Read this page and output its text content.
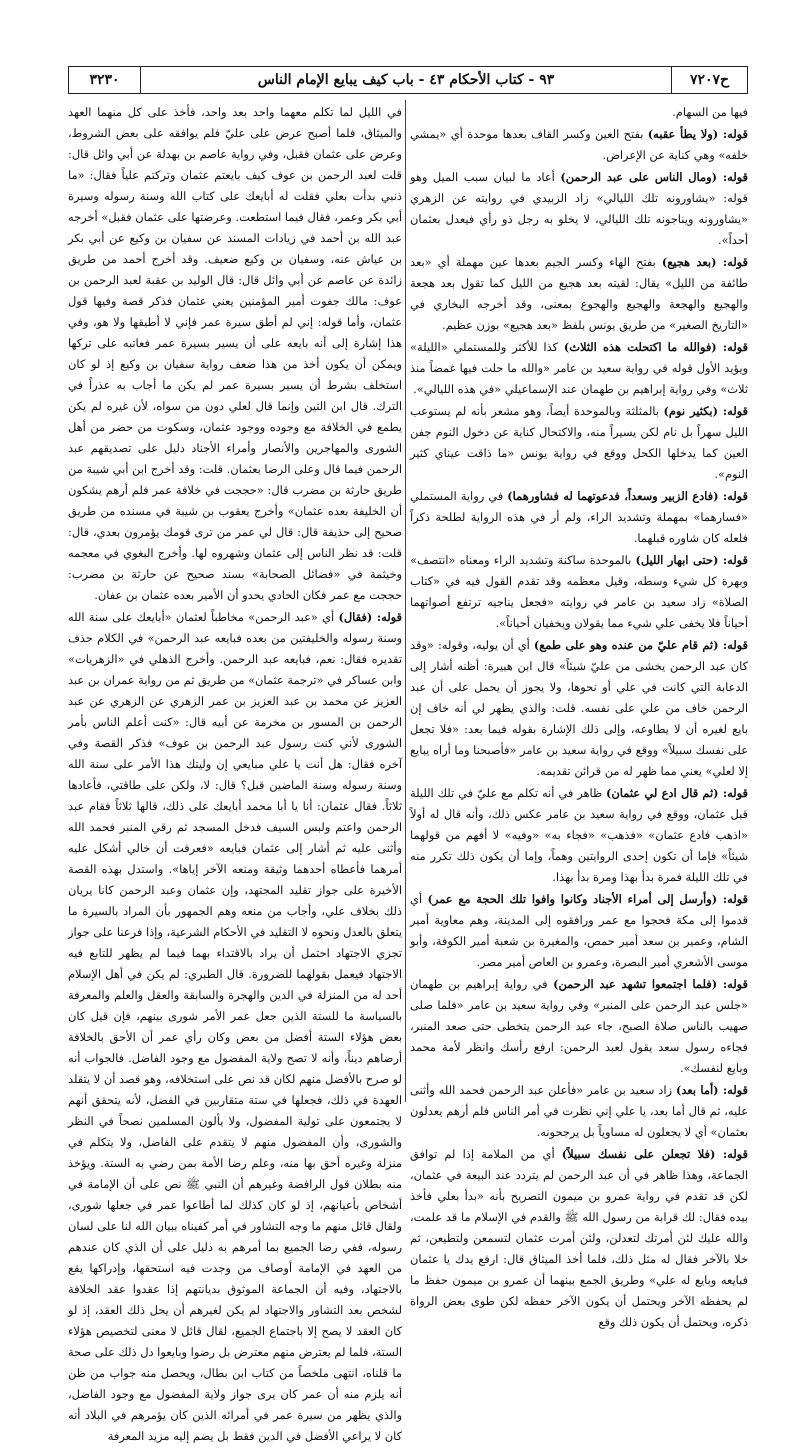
٣٢٣٠	٩٣ - كتاب الأحكام ٤٣ - باب كيف يبايع الإمام الناس	ح٧٢٠٧

فيها من السهام.

قوله: (ولا يطأ عقبه) بفتح العين وكسر القاف بعدها موحدة أي «يمشي خلفه» وهي كناية عن الإعراض.

قوله: (ومال الناس على عبد الرحمن) أعاد ما لبيان سبب الميل وهو قوله: «يشاورونه تلك الليالي» زاد الزبيدي في روايته عن الزهري «يشاورونه ويناجونه تلك الليالي، لا يخلو به رجل ذو رأي فيعدل بعثمان أحداً».

قوله: (بعد هجيع) بفتح الهاء وكسر الجيم بعدها عين مهملة أي «بعد طائفة من الليل» يقال: لقيته بعد هجيع من الليل كما تقول بعد هجعة والهجيع والهجعة والهجيع والهجوع بمعنى، وقد أخرجه البخاري في «التاريخ الصغير» من طريق يونس بلفظ «بعد هجيع» بوزن عظيم.

قوله: (فوالله ما اكتحلت هذه الثلاث) كذا للأكثر وللمستملي «الليلة» ويؤيد الأول قوله في رواية سعيد بن عامر «والله ما حلت فيها غمضاً منذ ثلاث» وفي رواية إبراهيم بن طهمان عند الإسماعيلي «في هذه الليالي».

قوله: (بكثير نوم) بالمثلثة وبالموحدة أيضاً، وهو مشعر بأنه لم يستوعب الليل سهراً بل نام لكن يسيراً منه، والاكتحال كناية عن دخول النوم جفن العين كما يدخلها الكحل ووقع في رواية يونس «ما ذاقت عيناي كثير النوم».

قوله: (فادع الزبير وسعداً، فدعوتهما له فشاورهما) في رواية المستملي «فسارهما» بمهملة وتشديد الراء، ولم أر في هذه الرواية لطلحة ذكراً فلعله كان شاوره قبلهما.

قوله: (حتى ابهار الليل) بالموحدة ساكنة وتشديد الراء ومعناه «انتصف» وبهرة كل شيء وسطه، وقيل معظمه وقد تقدم القول فيه في «كتاب الصلاة» زاد سعيد بن عامر في روايته «فجعل يناجيه ترتفع أصواتهما أحياناً فلا يخفى علي شيء مما يقولان ويخفيان أحياناً».

قوله: (ثم قام عليّ من عنده وهو على طمع) أي أن يوليه، وقوله: «وقد كان عبد الرحمن يخشى من عليّ شيئاً» قال ابن هبيرة: أظنه أشار إلى الدعابة التي كانت في علي أو نحوها، ولا يجوز أن يحمل على أن عبد الرحمن خاف من علي على نفسه. قلت: والذي يظهر لي أنه خاف إن بايع لغيره أن لا يطاوعه، وإلى ذلك الإشارة بقوله فيما بعد: «فلا تجعل على نفسك سبيلاً» ووقع في رواية سعيد بن عامر «فأصبحنا وما أراه يبايع إلا لعلي» يعني مما ظهر له من قرائن تقديمه.

قوله: (ثم قال ادع لي عثمان) ظاهر في أنه تكلم مع عليّ في تلك الليلة قبل عثمان، ووقع في رواية سعيد بن عامر عكس ذلك، وأنه قال له أولاً «اذهب فادع عثمان» «فذهب» «فجاء به» «وفيه» لا أفهم من قولهما شيئاً» فإما أن تكون إحدى الروايتين وهماً، وإما أن يكون ذلك تكرر منه في تلك الليلة فمرة بدأ بهذا ومرة بدأ بهذا.

قوله: (وأرسل إلى أمراء الأجناد وكانوا وافوا تلك الحجة مع عمر) أي قدموا إلى مكة فحجوا مع عمر ورافقوه إلى المدينة، وهم معاوية أمير الشام، وعمير بن سعد أمير حمص، والمغيرة بن شعبة أمير الكوفة، وأبو موسى الأشعري أمير البصرة، وعمرو بن العاص أمير مصر.

قوله: (فلما اجتمعوا تشهد عبد الرحمن) في رواية إبراهيم بن طهمان «جلس عبد الرحمن على المنبر» وفي رواية سعيد بن عامر «فلما صلى صهيب بالناس صلاة الصبح، جاء عبد الرحمن يتخطى حتى صعد المنبر، فجاءه رسول سعد يقول لعبد الرحمن: ارفع رأسك وانظر لأمة محمد وبايع لنفسك».

قوله: (أما بعد) زاد سعيد بن عامر «فأعلن عبد الرحمن فحمد الله وأثنى عليه، ثم قال أما بعد، يا علي إني نظرت في أمر الناس فلم أرهم يعدلون بعثمان» أي لا يجعلون له مساوياً بل يرجحونه.

قوله: (فلا تجعلن على نفسك سبيلاً) أي من الملامة إذا لم توافق الجماعة، وهذا ظاهر في أن عبد الرحمن لم يتردد عند البيعة في عثمان، لكن قد تقدم في رواية عمرو بن ميمون التصريح بأنه «بدأ بعلي فأخذ بيده فقال: لك قرابة من رسول الله ﷺ والقدم في الإسلام ما قد علمت، والله عليك لئن أمرتك لتعدلن، ولئن أمرت عثمان لتسمعن ولتطيعن، ثم خلا بالآخر فقال له مثل ذلك، فلما أخذ الميثاق قال: ارفع يدك يا عثمان فبايعه وبايع له علي» وطريق الجمع بينهما أن عمرو بن ميمون حفظ ما لم يحفظه الآخر ويحتمل أن يكون الآخر حفظه لكن طوى بعض الرواة ذكره، ويحتمل أن يكون ذلك وقع

في الليل لما تكلم معهما واحد بعد واحد، فأخذ على كل منهما العهد والميثاق، فلما أصبح عرض على عليّ فلم يوافقه على بعض الشروط، وعرض على عثمان فقبل، وفي رواية عاصم بن بهدلة عن أبي وائل قال: قلت لعبد الرحمن بن عوف كيف بايعتم عثمان وتركتم علياً فقال: «ما ذنبي بدأت بعلي فقلت له أبايعك على كتاب الله وسنة رسوله وسيرة أبي بكر وعمر، فقال فيما استطعت. وعرضتها على عثمان فقبل» أخرجه عبد الله بن أحمد في زيادات المسند عن سفيان بن وكيع عن أبي بكر بن عياش عنه، وسفيان بن وكيع ضعيف. وقد أخرج أحمد من طريق زائدة عن عاصم عن أبي وائل قال: قال الوليد بن عقبة لعبد الرحمن بن عوف: مالك جفوت أمير المؤمنين يعني عثمان فذكر قصة وفيها قول عثمان، وأما قوله: إني لم أطق سيرة عمر فإني لا أطيقها ولا هو، وفي هذا إشارة إلى أنه بايعه على أن يسير بسيرة عمر فعاتبه على تركها ويمكن أن يكون أخذ من هذا ضعف رواية سفيان بن وكيع إذ لو كان استخلف بشرط أن يسير بسيرة عمر لم يكن ما أجاب به عذراً في الترك. قال ابن التين وإنما قال لعلي دون من سواه، لأن غيره لم يكن يطمع في الخلافة مع وجوده ووجود عثمان، وسكوت من حضر من أهل الشورى والمهاجرين والأنصار وأمراء الأجناد دليل على تصديقهم عبد الرحمن فيما قال وعلى الرضا بعثمان. قلت: وقد أخرج ابن أبي شيبة من طريق حارثة بن مضرب قال: «حججت في خلافة عمر فلم أرهم يشكون أن الخليفة بعده عثمان» وأخرج يعقوب بن شيبة في مسنده من طريق صحيح إلى حذيفة قال: قال لي عمر من ترى قومك يؤمرون بعدي، قال: قلت: قد نظر الناس إلى عثمان وشهروه لها. وأخرج البغوي في معجمه وخيثمة في «فضائل الصحابة» بسند صحيح عن حارثة بن مضرب: حججت مع عمر فكان الحادي يحدو أن الأمير بعده عثمان بن عفان.

قوله: (فقال) أي «عبد الرحمن» مخاطباً لعثمان «أبايعك على سنة الله وسنة رسوله والخليفتين من بعده فبايعه عبد الرحمن» في الكلام حذف تقديره فقال: نعم، فبايعه عبد الرحمن. وأخرج الذهلي في «الزهريات» وابن عساكر في «ترجمة عثمان» من طريق ثم من رواية عمران بن عبد العزيز عن محمد بن عبد العزيز بن عمر الزهري عن الزهري عن عبد الرحمن بن المسور بن مخرمة عن أبيه قال: «كنت أعلم الناس بأمر الشورى لأني كنت رسول عبد الرحمن بن عوف» فذكر القصة وفي آخره فقال: هل أنت يا علي مبايعي إن وليتك هذا الأمر على سنة الله وسنة رسوله وسنة الماضين قبل؟ قال: لا، ولكن على طاقتي، فأعادها ثلاثاً. فقال عثمان: أنا يا أبا محمد أبايعك على ذلك، قالها ثلاثاً فقام عبد الرحمن واعتم ولبس السيف فدخل المسجد ثم رقي المنبر فحمد الله وأثنى عليه ثم أشار إلى عثمان فبايعه «فعرفت أن خالي أشكل عليه أمرهما فأعطاه أحدهما وثيقة ومنعه الآخر إياها». واستدل بهذه القصة الأخيرة على جواز تقليد المجتهد، وإن عثمان وعبد الرحمن كانا يريان ذلك بخلاف علي، وأجاب من منعه وهم الجمهور بأن المراد بالسيرة ما يتعلق بالعدل ونحوه لا التقليد في الأحكام الشرعية، وإذا فرعنا على جواز تجزي الاجتهاد احتمل أن يراد بالاقتداء بهما فيما لم يظهر للتابع فيه الاجتهاد فيعمل بقولهما للضرورة. قال الطبري: لم يكن في أهل الإسلام أحد له من المنزلة في الدين والهجرة والسابقة والعقل والعلم والمعرفة بالسياسة ما للستة الذين جعل عمر الأمر شورى بينهم، فإن قيل كان بعض هؤلاء الستة أفضل من بعض وكان رأي عمر أن الأحق بالخلافة أرضاهم ديناً، وأنه لا تصح ولاية المفضول مع وجود الفاضل. فالجواب أنه لو صرح بالأفضل منهم لكان قد نص على استخلافه، وهو قصد أن لا يتقلد العهدة في ذلك، فجعلها في ستة متقاربين في الفضل، لأنه يتحقق أنهم لا يجتمعون على تولية المفضول، ولا يألون المسلمين نصحاً في النظر والشورى، وأن المفضول منهم لا يتقدم على الفاضل، ولا يتكلم في منزلة وغيره أحق بها منه، وعلم رضا الأمة بمن رضي به الستة. ويؤخذ منه بطلان قول الرافضة وغيرهم أن النبي ﷺ نص على أن الإمامة في أشخاص بأعيانهم، إذ لو كان كذلك لما أطاعوا عمر في جعلها شورى، ولقال قائل منهم ما وجه التشاور في أمر كفيناه ببيان الله لنا على لسان رسوله، ففي رضا الجميع بما أمرهم به دليل على أن الذي كان عندهم من العهد في الإمامة أوصاف من وجدت فيه استحقها، وإدراكها يقع بالاجتهاد، وفيه أن الجماعة الموثوق بديانتهم إذا عقدوا عقد الخلافة لشخص بعد التشاور والاجتهاد لم يكن لغيرهم أن يحل ذلك العقد، إذ لو كان العقد لا يصح إلا باجتماع الجميع، لقال قائل لا معنى لتخصيص هؤلاء الستة، فلما لم يعترض منهم معترض بل رضوا وبايعوا دل ذلك على صحة ما قلناه، انتهى ملخصاً من كتاب ابن بطال، ويحصل منه جواب من ظن أنه يلزم منه أن عمر كان يرى جواز ولاية المفضول مع وجود الفاضل، والذي يظهر من سيرة عمر في أمرائه الذين كان يؤمرهم في البلاد أنه كان لا يراعي الأفضل في الدين فقط بل يضم إليه مزيد المعرفة
